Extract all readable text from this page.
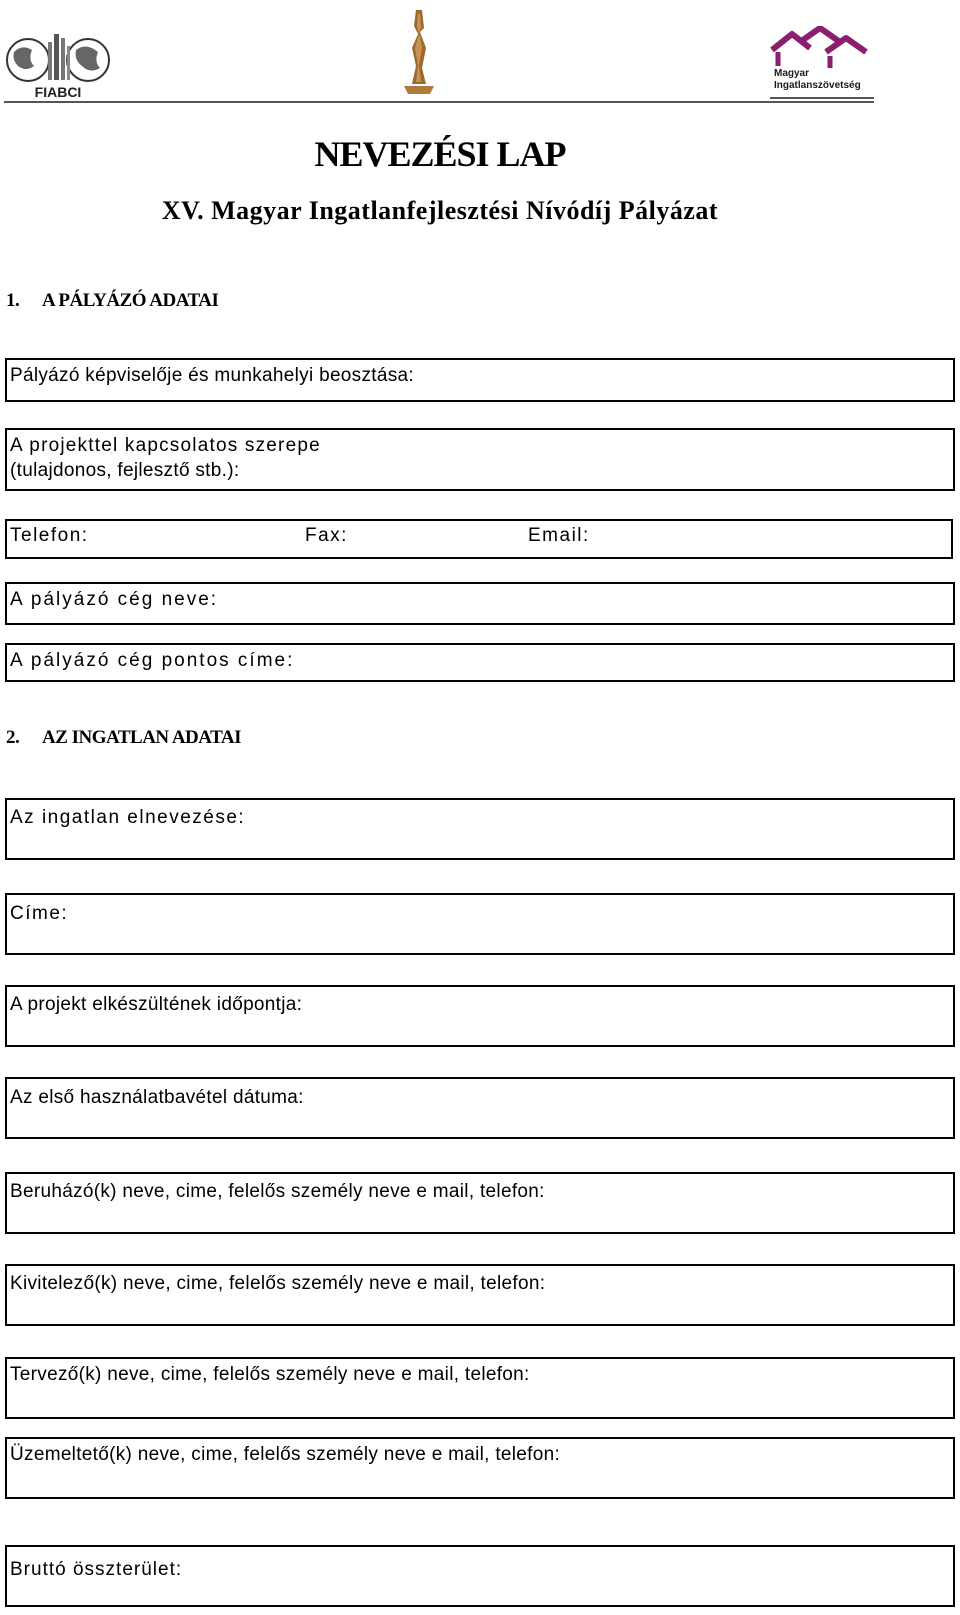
FIABCI
Magyar
Ingatlanszövetség
NEVEZÉSI LAP
XV. Magyar Ingatlanfejlesztési Nívódíj Pályázat
1. A PÁLYÁZÓ ADATAI
Pályázó képviselője és munkahelyi beosztása:
A projekttel kapcsolatos szerepe
(tulajdonos, fejlesztő stb.):
Telefon:	Fax:	Email:
A pályázó cég neve:
A pályázó cég pontos címe:
2. AZ INGATLAN ADATAI
Az ingatlan elnevezése:
Címe:
A projekt elkészültének időpontja:
Az első használatbavétel dátuma:
Beruházó(k) neve, cime, felelős személy neve e mail, telefon:
Kivitelező(k) neve, cime, felelős személy neve e mail, telefon:
Tervező(k) neve, cime, felelős személy neve e mail, telefon:
Üzemeltető(k) neve, cime, felelős személy neve e mail, telefon:
Bruttó összterület:
